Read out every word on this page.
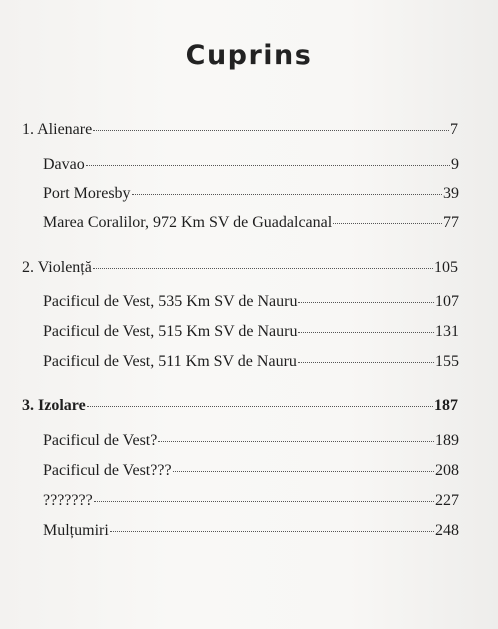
Cuprins
1. Alienare	7
Davao	9
Port Moresby	39
Marea Coralilor, 972 Km SV de Guadalcanal	77
2. Violență	105
Pacificul de Vest, 535 Km SV de Nauru	107
Pacificul de Vest, 515 Km SV de Nauru	131
Pacificul de Vest, 511 Km SV de Nauru	155
3. Izolare	187
Pacificul de Vest?	189
Pacificul de Vest???	208
???????	227
Mulțumiri	248
